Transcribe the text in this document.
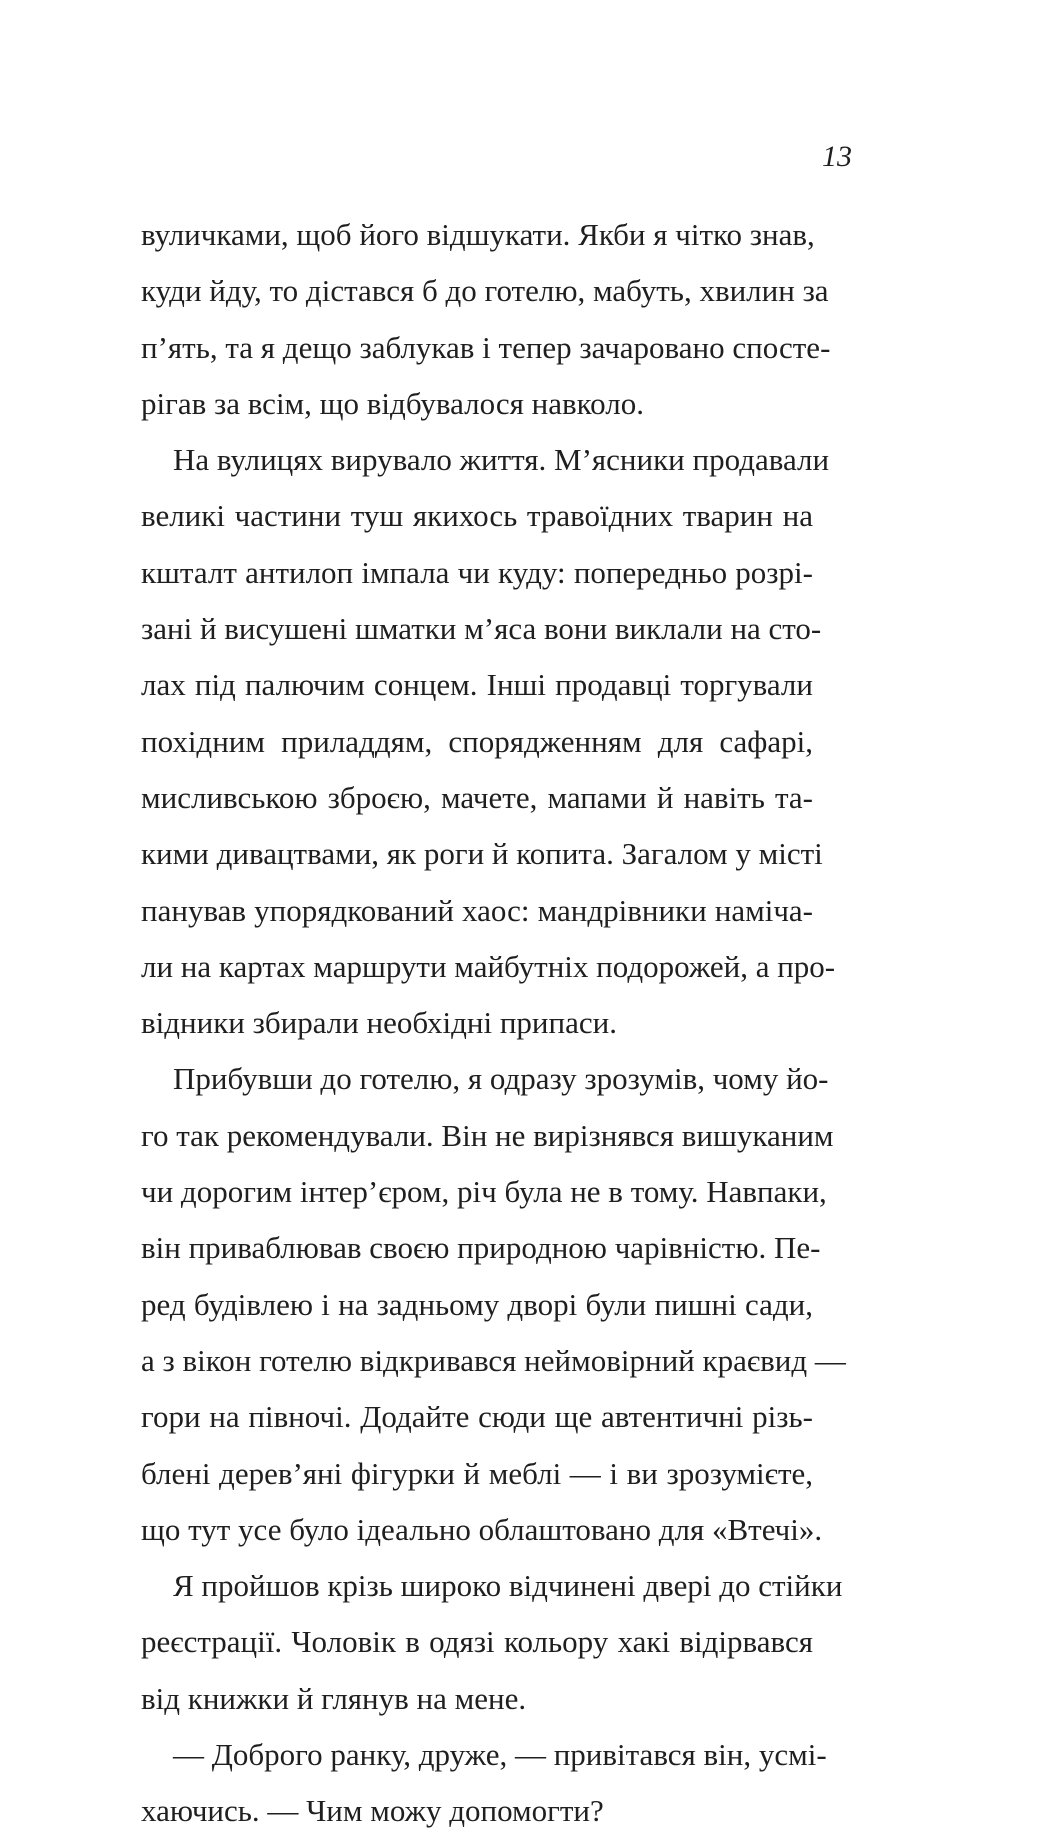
13
вуличками, щоб його відшукати. Якби я чітко знав,
куди йду, то дістався б до готелю, мабуть, хвилин за
п’ять, та я дещо заблукав і тепер зачаровано спосте-
рігав за всім, що відбувалося навколо.
На вулицях вирувало життя. М’ясники продавали
великі частини туш якихось травоїдних тварин на
кшталт антилоп імпала чи куду: попередньо розрі-
зані й висушені шматки м’яса вони виклали на сто-
лах під палючим сонцем. Інші продавці торгували
похідним приладдям, спорядженням для сафарі,
мисливською зброєю, мачете, мапами й навіть та-
кими дивацтвами, як роги й копита. Загалом у місті
панував упорядкований хаос: мандрівники наміча-
ли на картах маршрути майбутніх подорожей, а про-
відники збирали необхідні припаси.
Прибувши до готелю, я одразу зрозумів, чому йо-
го так рекомендували. Він не вирізнявся вишуканим
чи дорогим інтер’єром, річ була не в тому. Навпаки,
він приваблював своєю природною чарівністю. Пе-
ред будівлею і на задньому дворі були пишні сади,
а з вікон готелю відкривався неймовірний краєвид —
гори на півночі. Додайте сюди ще автентичні різь-
блені дерев’яні фігурки й меблі — і ви зрозумієте,
що тут усе було ідеально облаштовано для «Втечі».
Я пройшов крізь широко відчинені двері до стійки
реєстрації. Чоловік в одязі кольору хакі відірвався
від книжки й глянув на мене.
— Доброго ранку, друже, — привітався він, усмі-
хаючись. — Чим можу допомогти?
